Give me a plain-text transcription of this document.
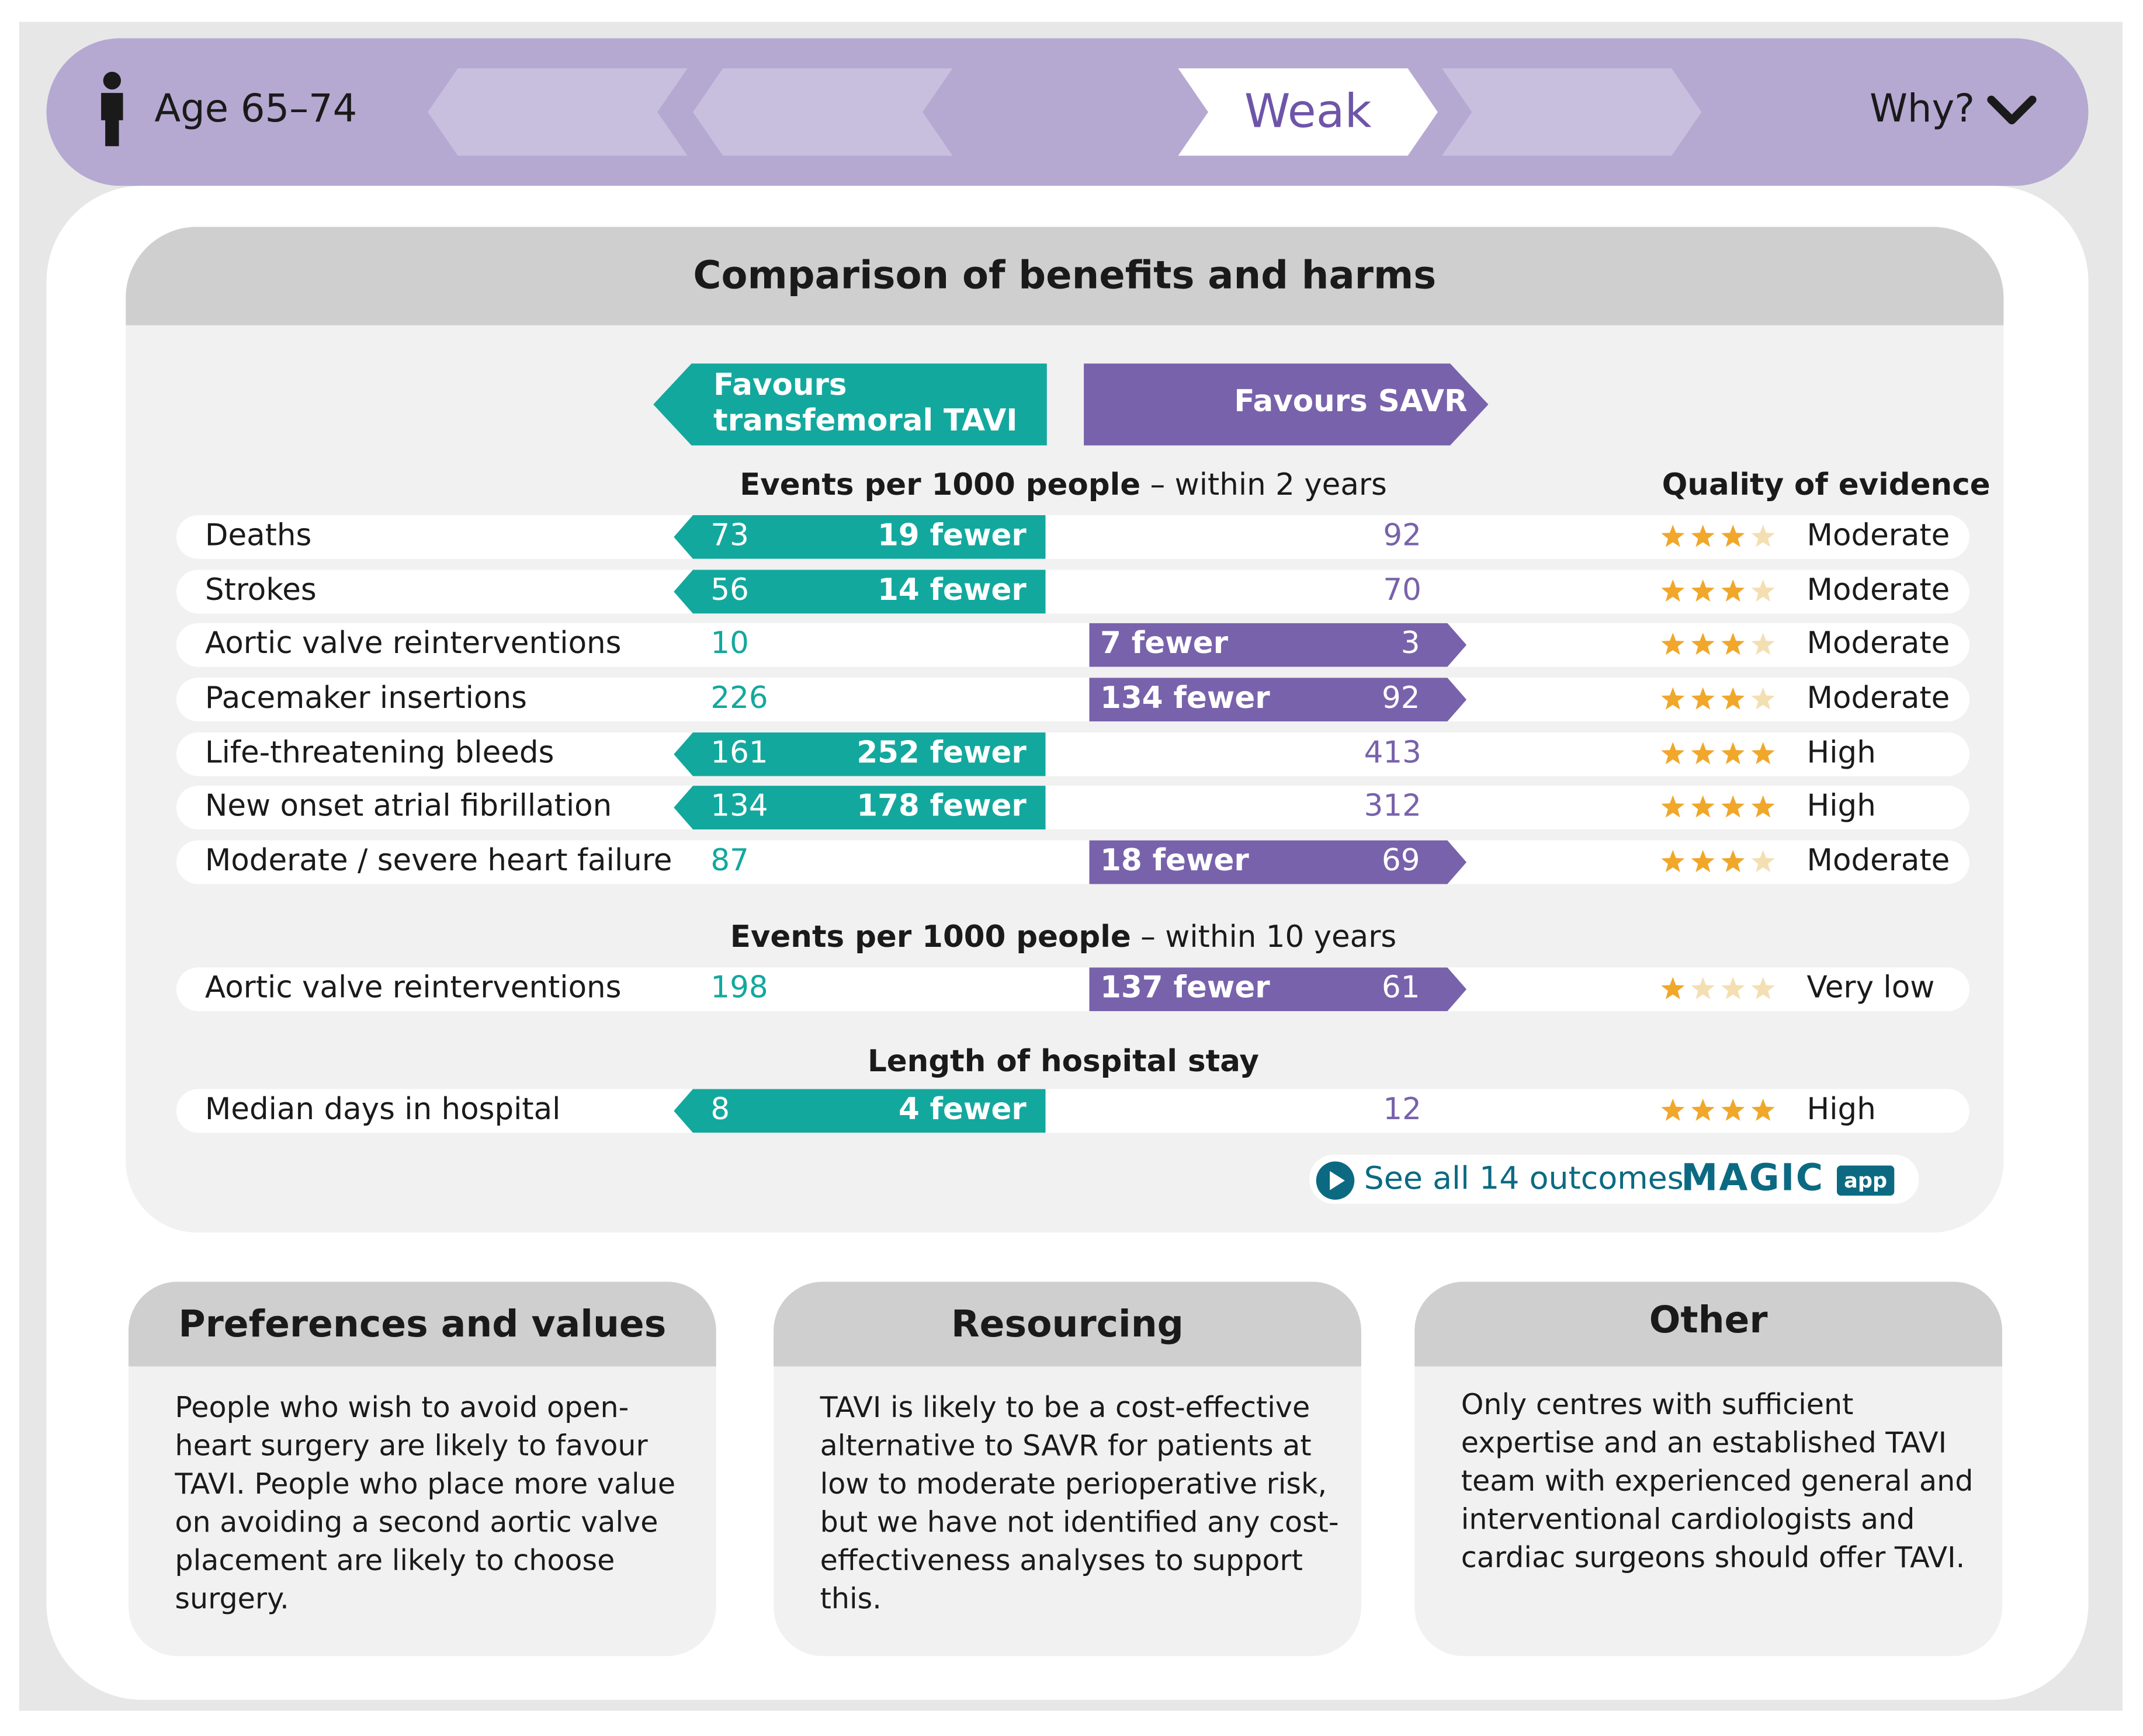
Age 65–74	Weak	Why?
Comparison of benefits and harms
Favours
transfemoral TAVI
Favours SAVR
Events per 1000 people – within 2 years	Quality of evidence
Events per 1000 people – within 10 years
Length of hospital stay
Deaths	73	19 fewer	92	Moderate
Strokes	56	14 fewer	70	Moderate
Aortic valve reinterventions	10	7 fewer	3	Moderate
Pacemaker insertions	226	134 fewer	92	Moderate
Life-threatening bleeds	161	252 fewer	413	High
New onset atrial fibrillation	134	178 fewer	312	High
Moderate / severe heart failure	87	18 fewer	69	Moderate
Aortic valve reinterventions	198	137 fewer	61	Very low
Median days in hospital	8	4 fewer	12	High
See all 14 outcomes
MAGIC	app
Preferences and values
People who wish to avoid open-heart surgery are likely to favour TAVI. People who place more value on avoiding a second aortic valve placement are likely to choose surgery.
Resourcing
TAVI is likely to be a cost-effective alternative to SAVR for patients at low to moderate perioperative risk, but we have not identified any cost-effectiveness analyses to support this.
Other
Only centres with sufficient expertise and an established TAVI team with experienced general and interventional cardiologists and cardiac surgeons should offer TAVI.
